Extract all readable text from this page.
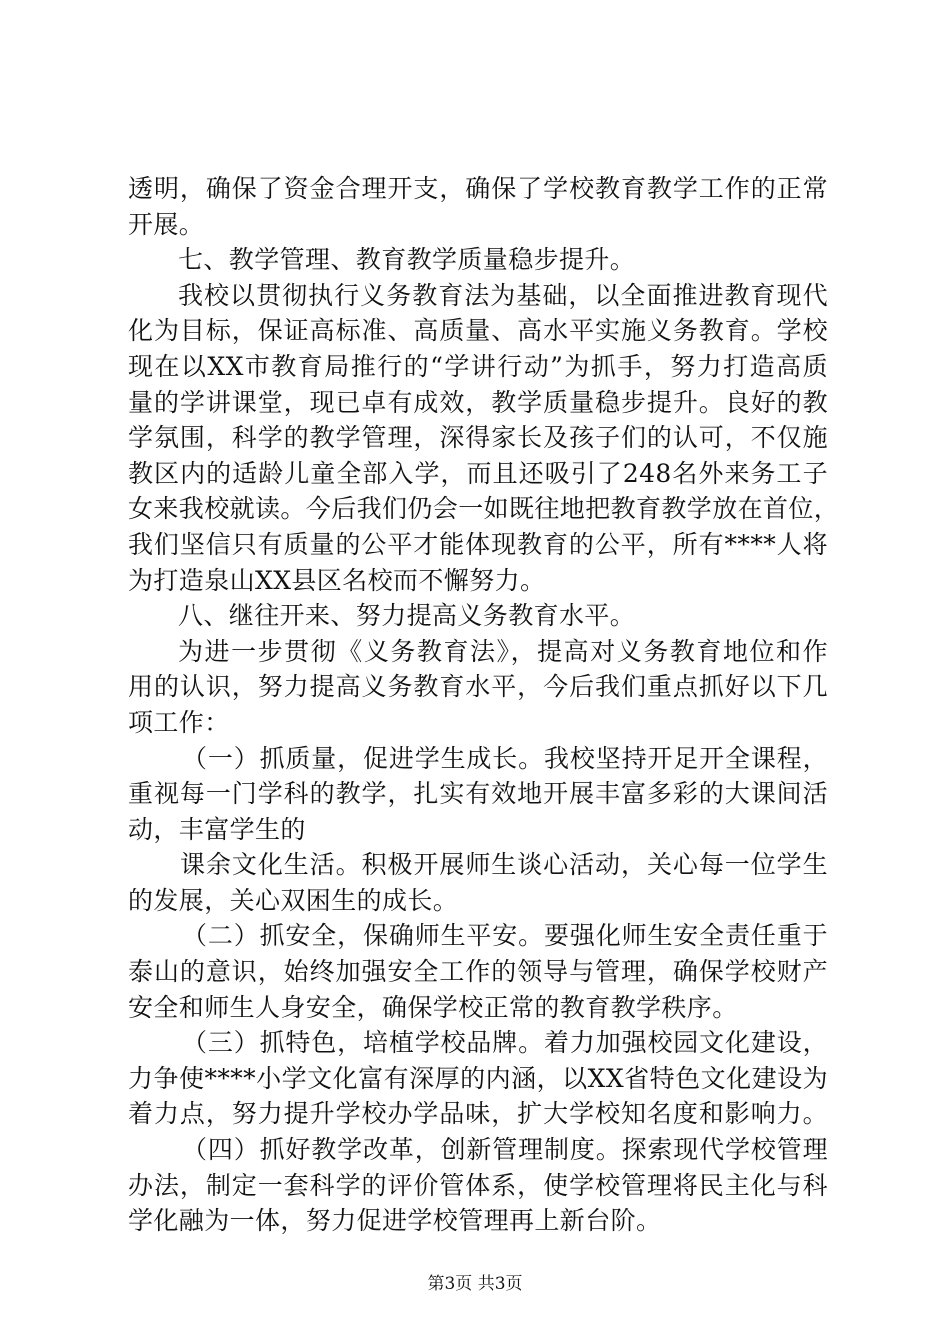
透明，确保了资金合理开支，确保了学校教育教学工作的正常
开展。
七、教学管理、教育教学质量稳步提升。
我校以贯彻执行义务教育法为基础，以全面推进教育现代
化为目标，保证高标准、高质量、高水平实施义务教育。学校
现在以XX市教育局推行的“学讲行动”为抓手，努力打造高质
量的学讲课堂，现已卓有成效，教学质量稳步提升。良好的教
学氛围，科学的教学管理，深得家长及孩子们的认可，不仅施
教区内的适龄儿童全部入学，而且还吸引了248名外来务工子
女来我校就读。今后我们仍会一如既往地把教育教学放在首位，
我们坚信只有质量的公平才能体现教育的公平，所有****人将
为打造泉山XX县区名校而不懈努力。
八、继往开来、努力提高义务教育水平。
为进一步贯彻《义务教育法》，提高对义务教育地位和作
用的认识，努力提高义务教育水平，今后我们重点抓好以下几
项工作：
（一）抓质量，促进学生成长。我校坚持开足开全课程，
重视每一门学科的教学，扎实有效地开展丰富多彩的大课间活
动，丰富学生的
课余文化生活。积极开展师生谈心活动，关心每一位学生
的发展，关心双困生的成长。
（二）抓安全，保确师生平安。要强化师生安全责任重于
泰山的意识，始终加强安全工作的领导与管理，确保学校财产
安全和师生人身安全，确保学校正常的教育教学秩序。
（三）抓特色，培植学校品牌。着力加强校园文化建设，
力争使****小学文化富有深厚的内涵，以XX省特色文化建设为
着力点，努力提升学校办学品味，扩大学校知名度和影响力。
（四）抓好教学改革，创新管理制度。探索现代学校管理
办法，制定一套科学的评价管体系，使学校管理将民主化与科
学化融为一体，努力促进学校管理再上新台阶。
第3页 共3页
